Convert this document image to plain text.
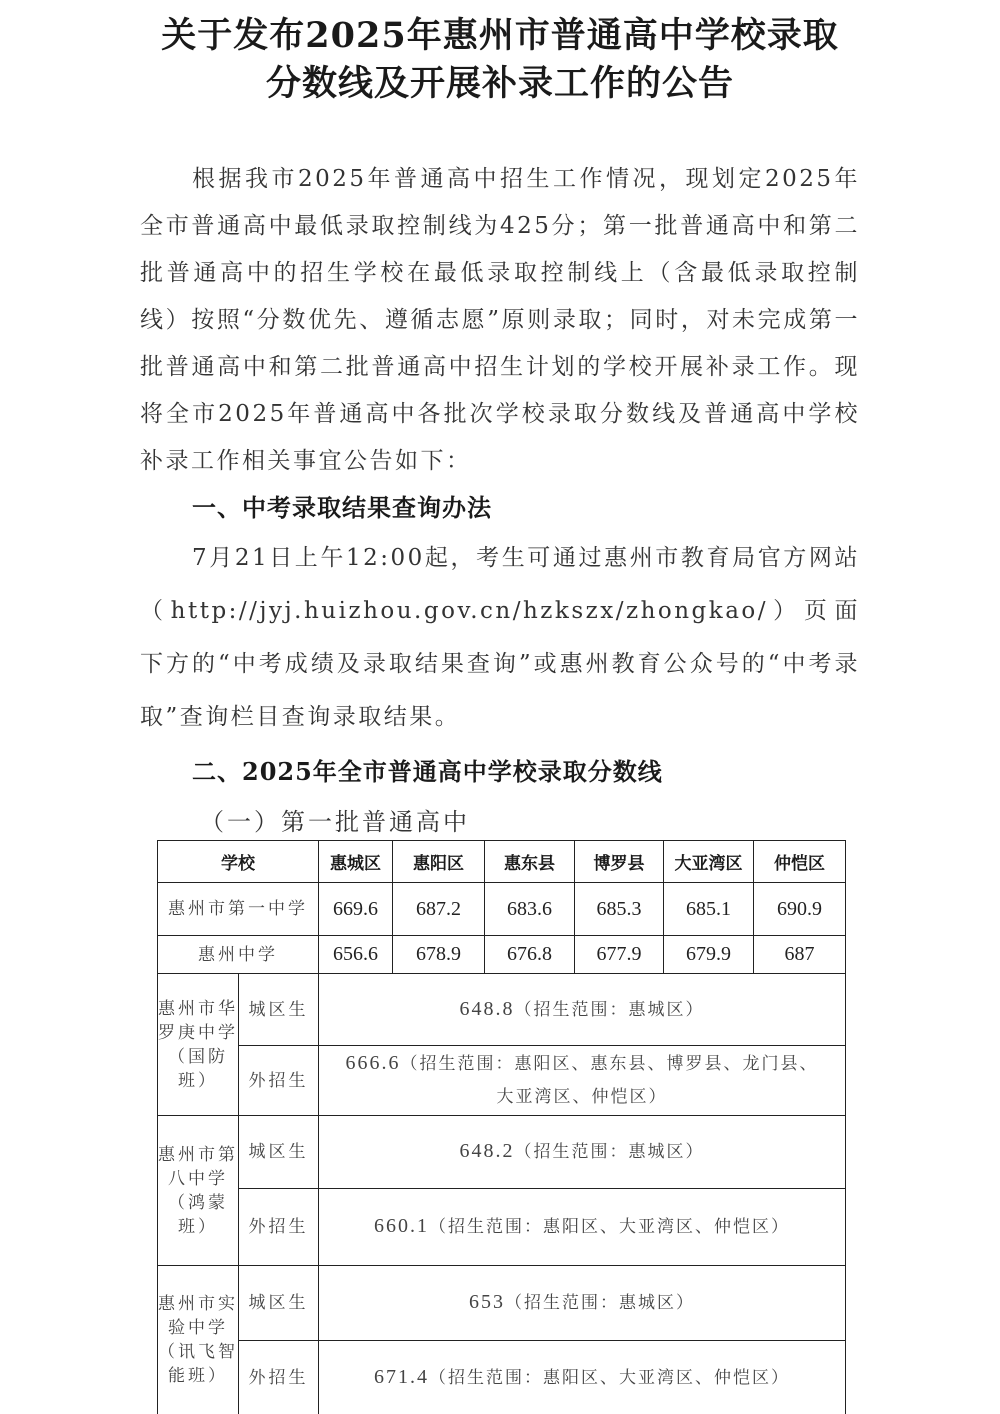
关于发布2025年惠州市普通高中学校录取
分数线及开展补录工作的公告
根据我市2025年普通高中招生工作情况，现划定2025年全市普通高中最低录取控制线为425分；第一批普通高中和第二批普通高中的招生学校在最低录取控制线上（含最低录取控制线）按照“分数优先、遵循志愿”原则录取；同时，对未完成第一批普通高中和第二批普通高中招生计划的学校开展补录工作。现将全市2025年普通高中各批次学校录取分数线及普通高中学校补录工作相关事宜公告如下：
一、中考录取结果查询办法
7月21日上午12:00起，考生可通过惠州市教育局官方网站（http://jyj.huizhou.gov.cn/hzkszx/zhongkao/）页面下方的“中考成绩及录取结果查询”或惠州教育公众号的“中考录取”查询栏目查询录取结果。
二、2025年全市普通高中学校录取分数线
（一）第一批普通高中
学校		惠城区	惠阳区	惠东县	博罗县	大亚湾区	仲恺区
惠州市第一中学		669.6	687.2	683.6	685.3	685.1	690.9
惠州中学		656.6	678.9	676.8	677.9	679.9	687
惠州市华罗庚中学（国防班）	城区生	648.8（招生范围：惠城区）					
	外招生	666.6（招生范围：惠阳区、惠东县、博罗县、龙门县、大亚湾区、仲恺区）					
惠州市第八中学（鸿蒙班）	城区生	648.2（招生范围：惠城区）					
	外招生	660.1（招生范围：惠阳区、大亚湾区、仲恺区）					
惠州市实验中学（讯飞智能班）	城区生	653（招生范围：惠城区）					
	外招生	671.4（招生范围：惠阳区、大亚湾区、仲恺区）					
